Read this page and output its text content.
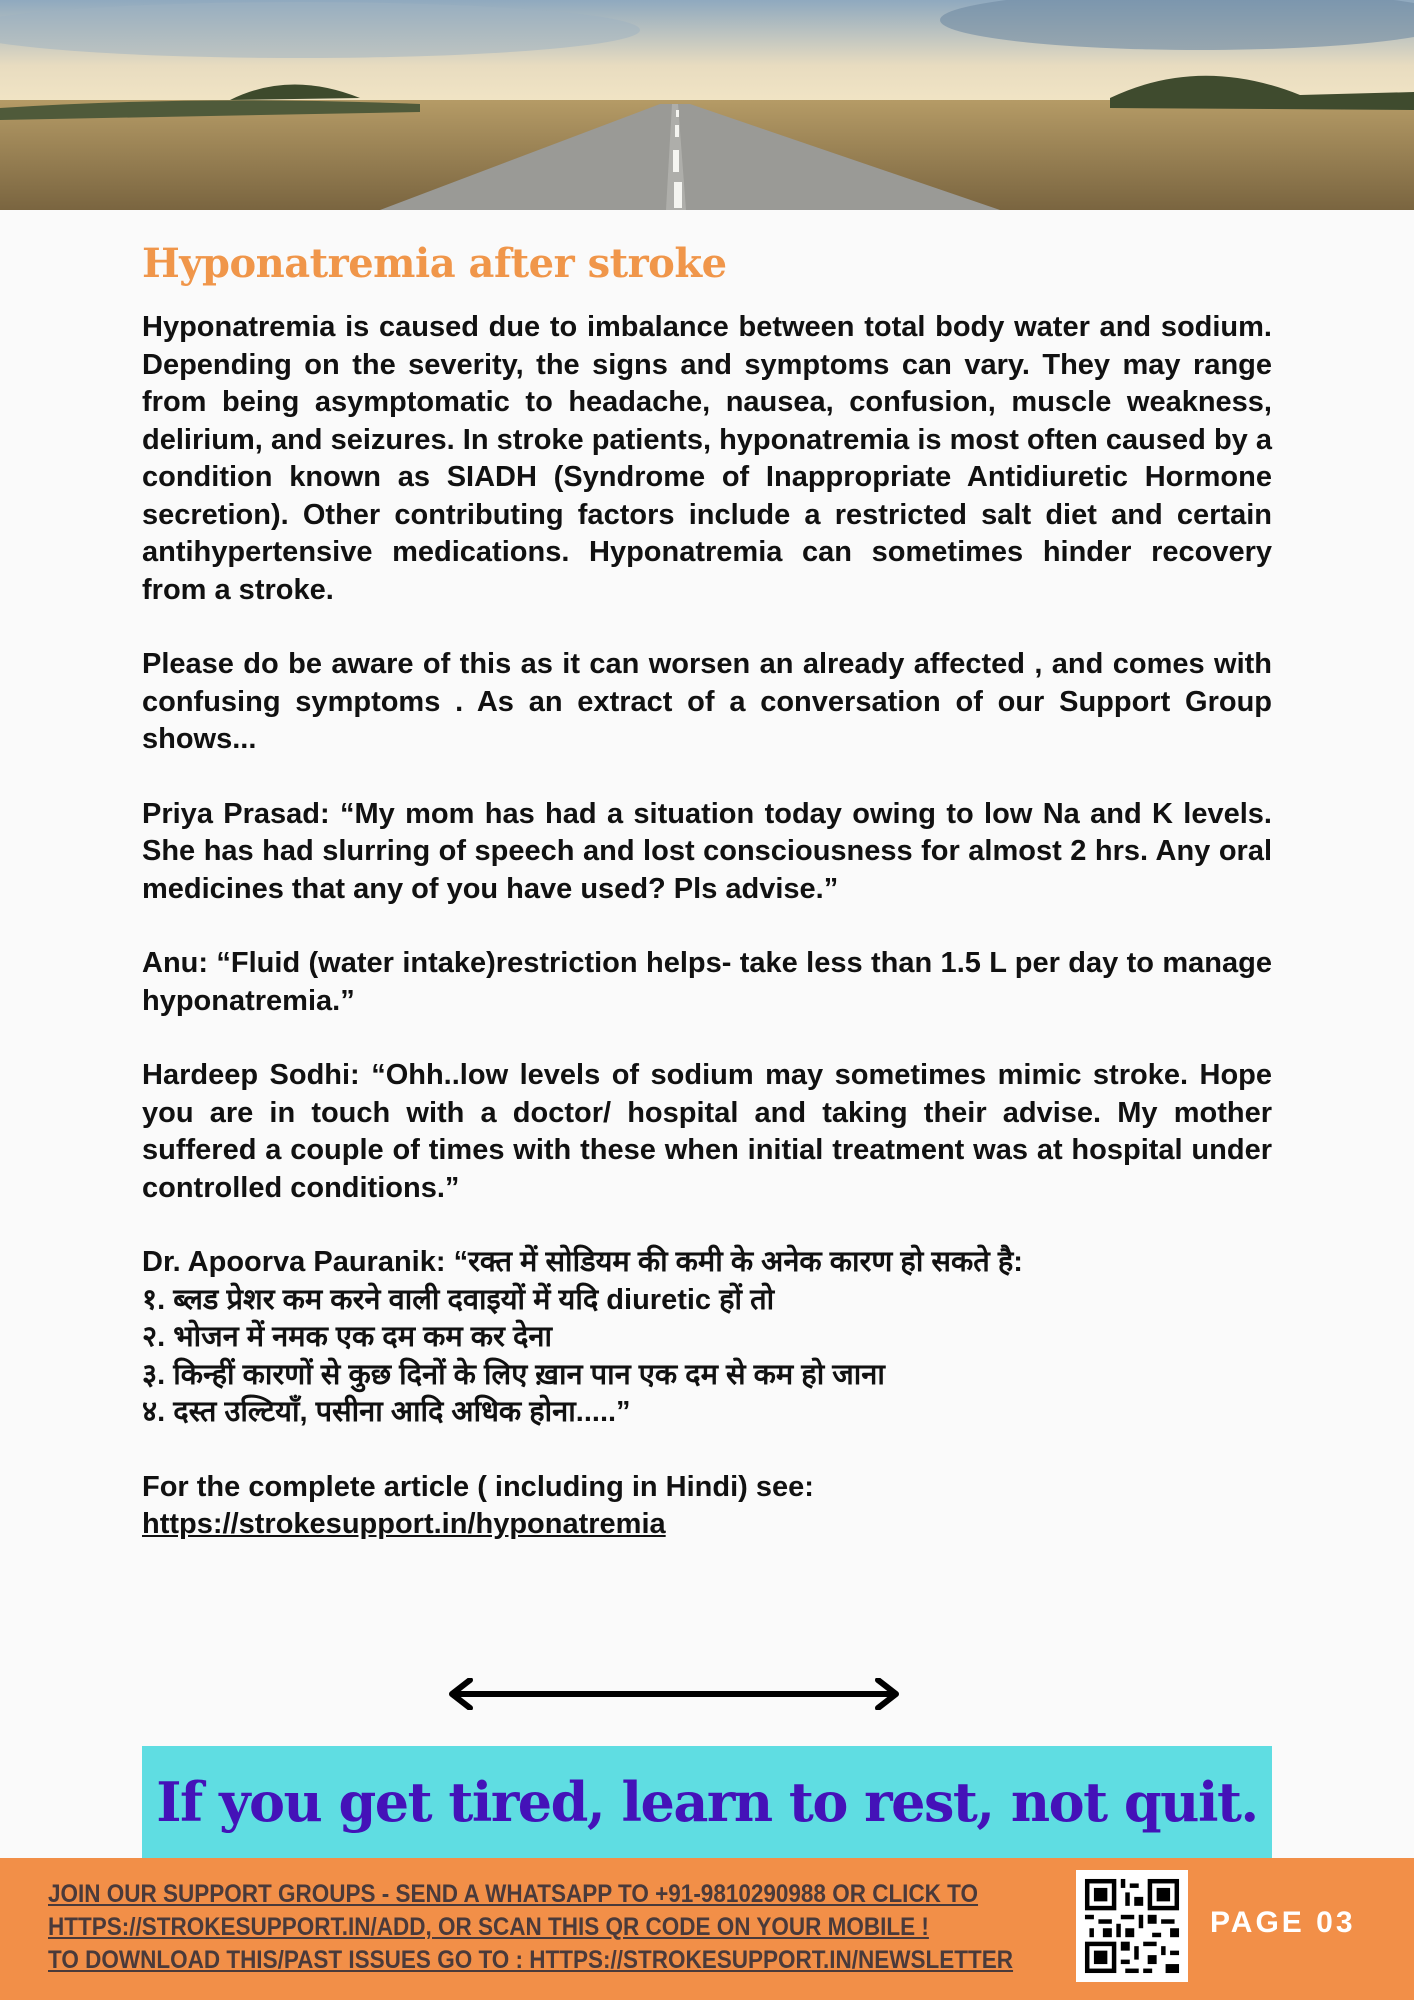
Hyponatremia after stroke

Hyponatremia is caused due to imbalance between total body water and sodium. Depending on the severity, the signs and symptoms can vary. They may range from being asymptomatic to headache, nausea, confusion, muscle weakness, delirium, and seizures. In stroke patients, hyponatremia is most often caused by a condition known as SIADH (Syndrome of Inappropriate Antidiuretic Hormone secretion). Other contributing factors include a restricted salt diet and certain antihypertensive medications. Hyponatremia can sometimes hinder recovery from a stroke.

Please do be aware of this as it can worsen an already affected , and comes with confusing symptoms . As an extract of a conversation of our Support Group shows...

Priya Prasad: “My mom has had a situation today owing to low Na and K levels. She has had slurring of speech and lost consciousness for almost 2 hrs. Any oral medicines that any of you have used? Pls advise.”

Anu: “Fluid (water intake)restriction helps- take less than 1.5 L per day to manage hyponatremia.”

Hardeep Sodhi: “Ohh..low levels of sodium may sometimes mimic stroke. Hope you are in touch with a doctor/ hospital and taking their advise. My mother suffered a couple of times with these when initial treatment was at hospital under controlled conditions.”

Dr. Apoorva Pauranik: “रक्त में सोडियम की कमी के अनेक कारण हो सकते है:
१. ब्लड प्रेशर कम करने वाली दवाइयों में यदि diuretic हों तो
२. भोजन में नमक एक दम कम कर देना
३. किन्हीं कारणों से कुछ दिनों के लिए ख़ान पान एक दम से कम हो जाना
४. दस्त उल्टियाँ, पसीना आदि अधिक होना.....”

For the complete article ( including in Hindi) see:
https://strokesupport.in/hyponatremia

If you get tired, learn to rest, not quit.
JOIN OUR SUPPORT GROUPS - SEND A WHATSAPP TO +91-9810290988 OR CLICK TO
HTTPS://STROKESUPPORT.IN/ADD, OR SCAN THIS QR CODE ON YOUR MOBILE !
TO DOWNLOAD THIS/PAST ISSUES GO TO : HTTPS://STROKESUPPORT.IN/NEWSLETTER
PAGE 03
